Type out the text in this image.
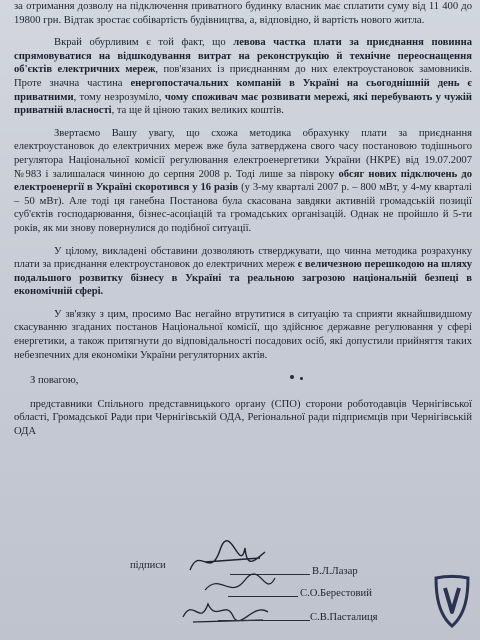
за отримання дозволу на підключення приватного будинку власник має сплатити суму від 11 400 до 19800 грн. Відтак зростає собівартість будівництва, а, відповідно, й вартість нового житла.

Вкрай обурливим є той факт, що левова частка плати за приєднання повинна спрямовуватися на відшкодування витрат на реконструкцію й технічне переоснащення об'єктів електричних мереж, пов'язаних із приєднанням до них електроустановок замовників. Проте значна частина енергопостачальних компаній в Україні на сьогоднішній день є приватними, тому незрозуміло, чому споживач має розвивати мережі, які перебувають у чужій приватній власності, та ще й ціною таких великих коштів.

Звертаємо Вашу увагу, що схожа методика обрахунку плати за приєднання електроустановок до електричних мереж вже була затверджена свого часу постановою тодішнього регулятора Національної комісії регулювання електроенергетики України (НКРЕ) від 19.07.2007 №983 і залишалася чинною до серпня 2008 р. Тоді лише за півроку обсяг нових підключень до електроенергії в Україні скоротився у 16 разів (у 3-му кварталі 2007 р. – 800 мВт, у 4-му кварталі – 50 мВт). Але тоді ця ганебна Постанова була скасована завдяки активній громадській позиції суб'єктів господарювання, бізнес-асоціацій та громадських організацій. Однак не пройшло й 5-ти років, як ми знову повернулися до подібної ситуації.

У цілому, викладені обставини дозволяють стверджувати, що чинна методика розрахунку плати за приєднання електроустановок до електричних мереж є величезною перешкодою на шляху подальшого розвитку бізнесу в Україні та реальною загрозою національній безпеці в економічній сфері.

У зв'язку з цим, просимо Вас негайно втрутитися в ситуацію та сприяти якнайшвидшому скасуванню згаданих постанов Національної комісії, що здійснює державне регулювання у сфері енергетики, а також притягнути до відповідальності посадових осіб, які допустили прийняття таких небезпечних для економіки України регуляторних актів.

З повагою,

представники Спільного представницького органу (СПО) сторони роботодавців Чернігівської області, Громадської Ради при Чернігівській ОДА, Регіональної ради підприємців при Чернігівській ОДА

підписи
В.Л.Лазар
С.О.Берестовий
С.В.Пасталиця
